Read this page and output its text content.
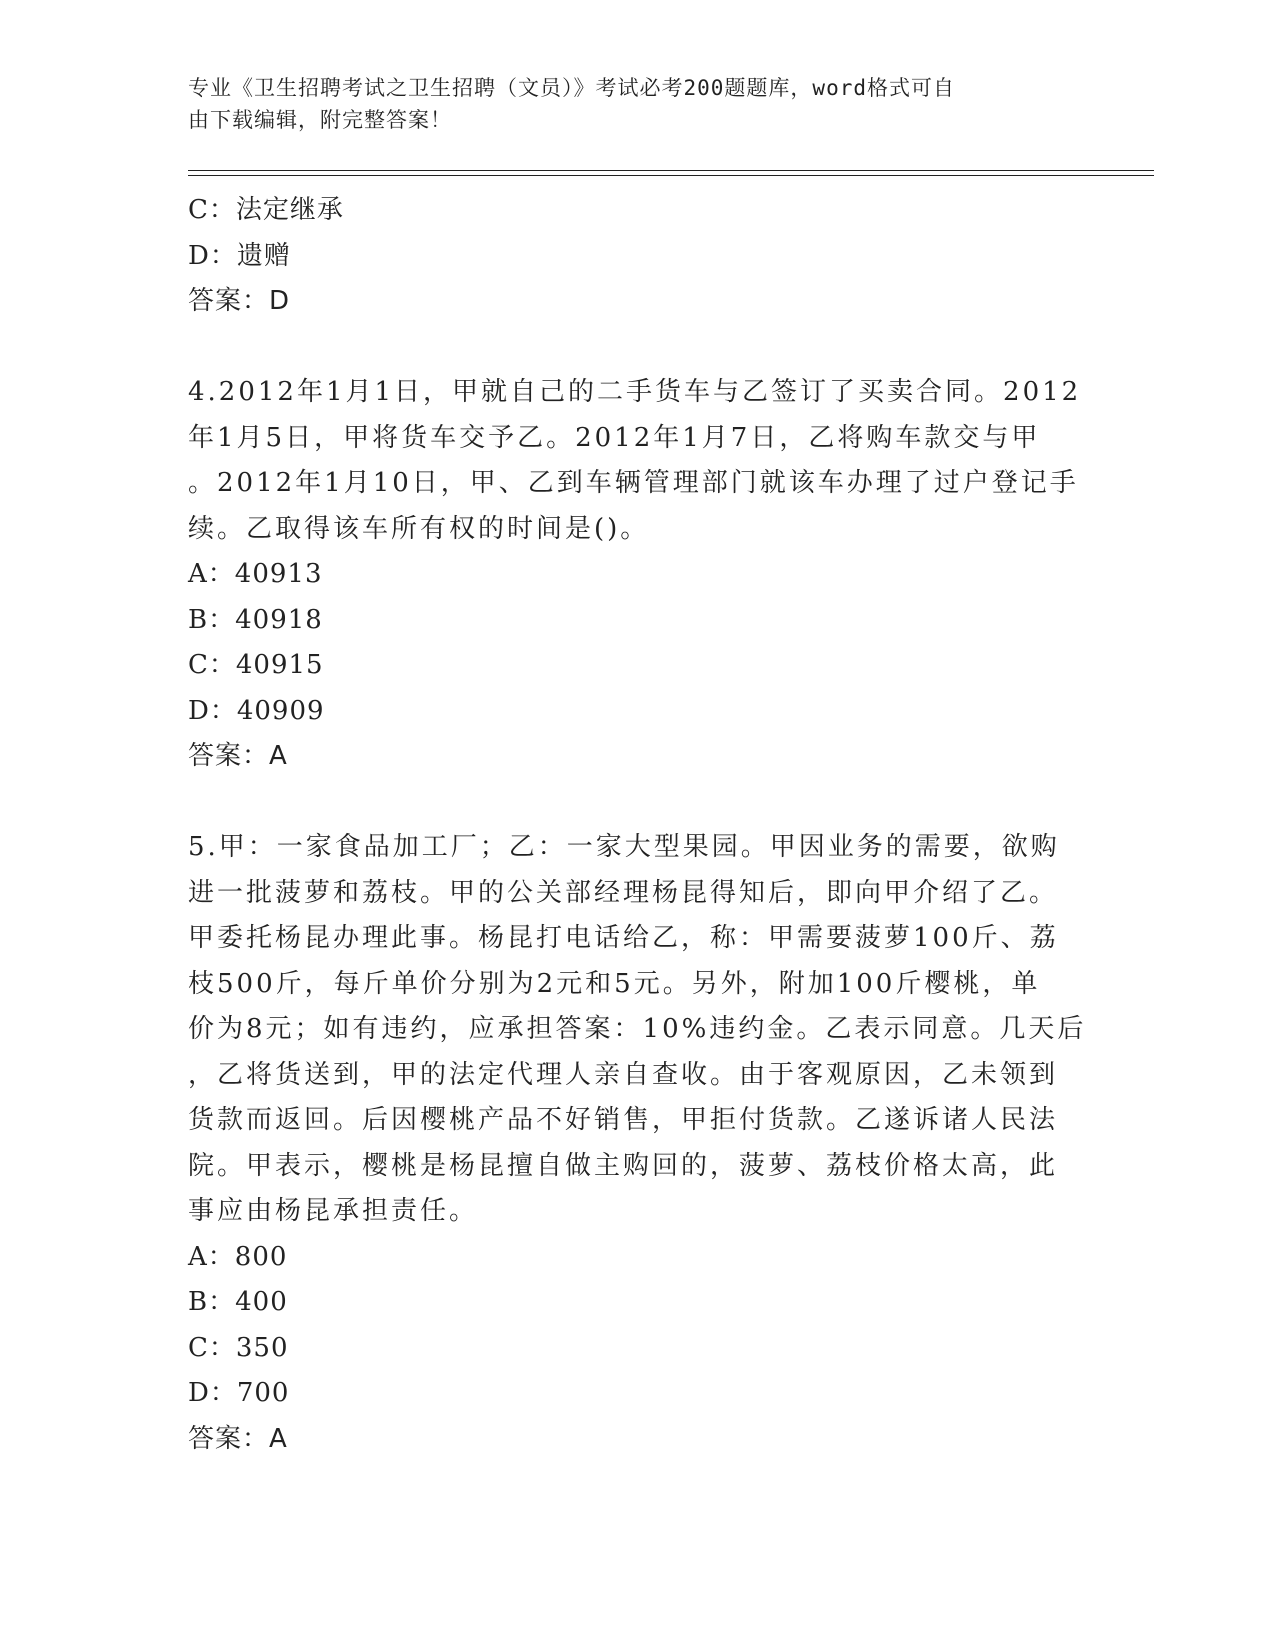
专业《卫生招聘考试之卫生招聘（文员）》考试必考200题题库，word格式可自
由下载编辑，附完整答案！
C：法定继承
D：遗赠
答案：D
4.2012年1月1日，甲就自己的二手货车与乙签订了买卖合同。2012
年1月5日，甲将货车交予乙。2012年1月7日，乙将购车款交与甲
。2012年1月10日，甲、乙到车辆管理部门就该车办理了过户登记手
续。乙取得该车所有权的时间是()。
A：40913
B：40918
C：40915
D：40909
答案：A
5.甲：一家食品加工厂；乙：一家大型果园。甲因业务的需要，欲购
进一批菠萝和荔枝。甲的公关部经理杨昆得知后，即向甲介绍了乙。
甲委托杨昆办理此事。杨昆打电话给乙，称：甲需要菠萝100斤、荔
枝500斤，每斤单价分别为2元和5元。另外，附加100斤樱桃，单
价为8元；如有违约，应承担答案：10%违约金。乙表示同意。几天后
，乙将货送到，甲的法定代理人亲自查收。由于客观原因，乙未领到
货款而返回。后因樱桃产品不好销售，甲拒付货款。乙遂诉诸人民法
院。甲表示，樱桃是杨昆擅自做主购回的，菠萝、荔枝价格太高，此
事应由杨昆承担责任。
A：800
B：400
C：350
D：700
答案：A
